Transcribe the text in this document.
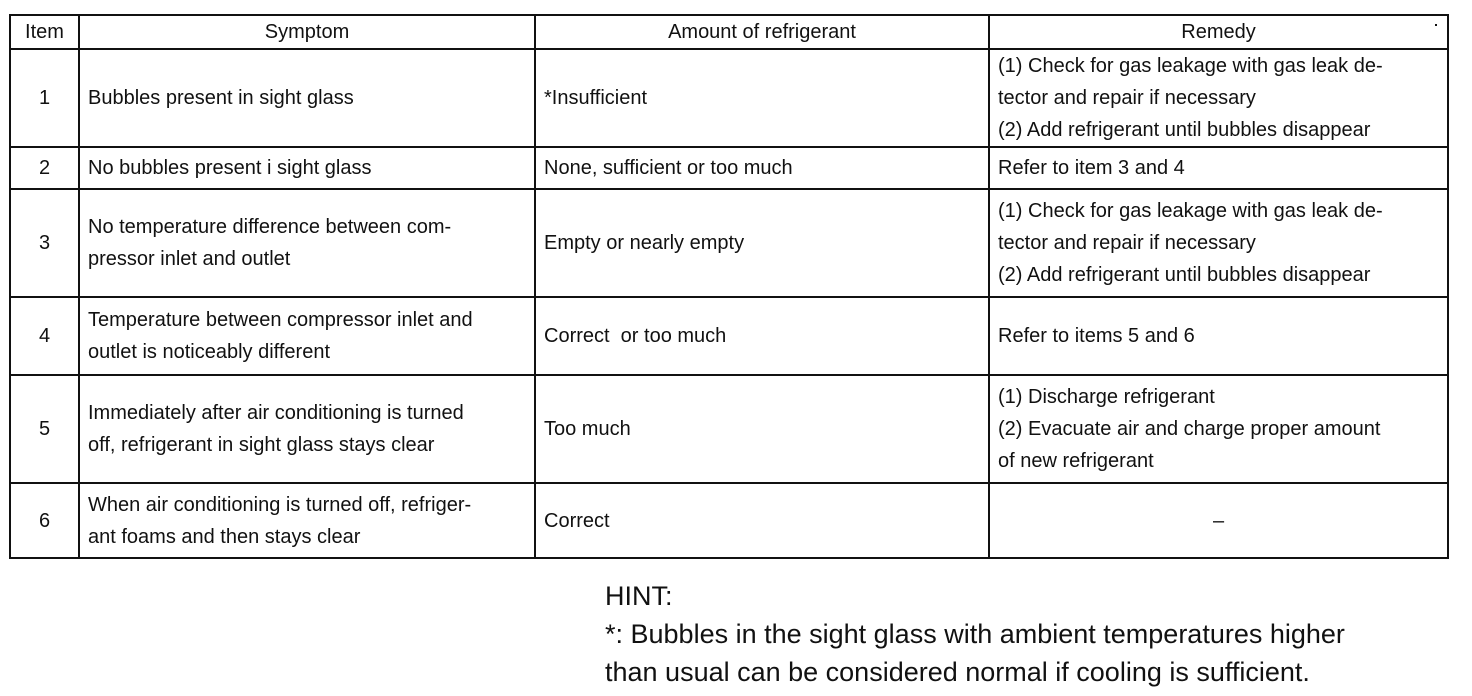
Item	Symptom	Amount of refrigerant	Remedy
1	Bubbles present in sight glass	*Insufficient	(1) Check for gas leakage with gas leak de-
tector and repair if necessary
(2) Add refrigerant until bubbles disappear

2	No bubbles present i sight glass	None, sufficient or too much	Refer to item 3 and 4

3	No temperature difference between com-
pressor inlet and outlet	Empty or nearly empty	(1) Check for gas leakage with gas leak de-
tector and repair if necessary
(2) Add refrigerant until bubbles disappear

4	Temperature between compressor inlet and
outlet is noticeably different	Correct  or too much	Refer to items 5 and 6

5	Immediately after air conditioning is turned
off, refrigerant in sight glass stays clear	Too much	(1) Discharge refrigerant
(2) Evacuate air and charge proper amount
of new refrigerant

6	When air conditioning is turned off, refriger-
ant foams and then stays clear	Correct	–
HINT:
*: Bubbles in the sight glass with ambient temperatures higher
than usual can be considered normal if cooling is sufficient.
